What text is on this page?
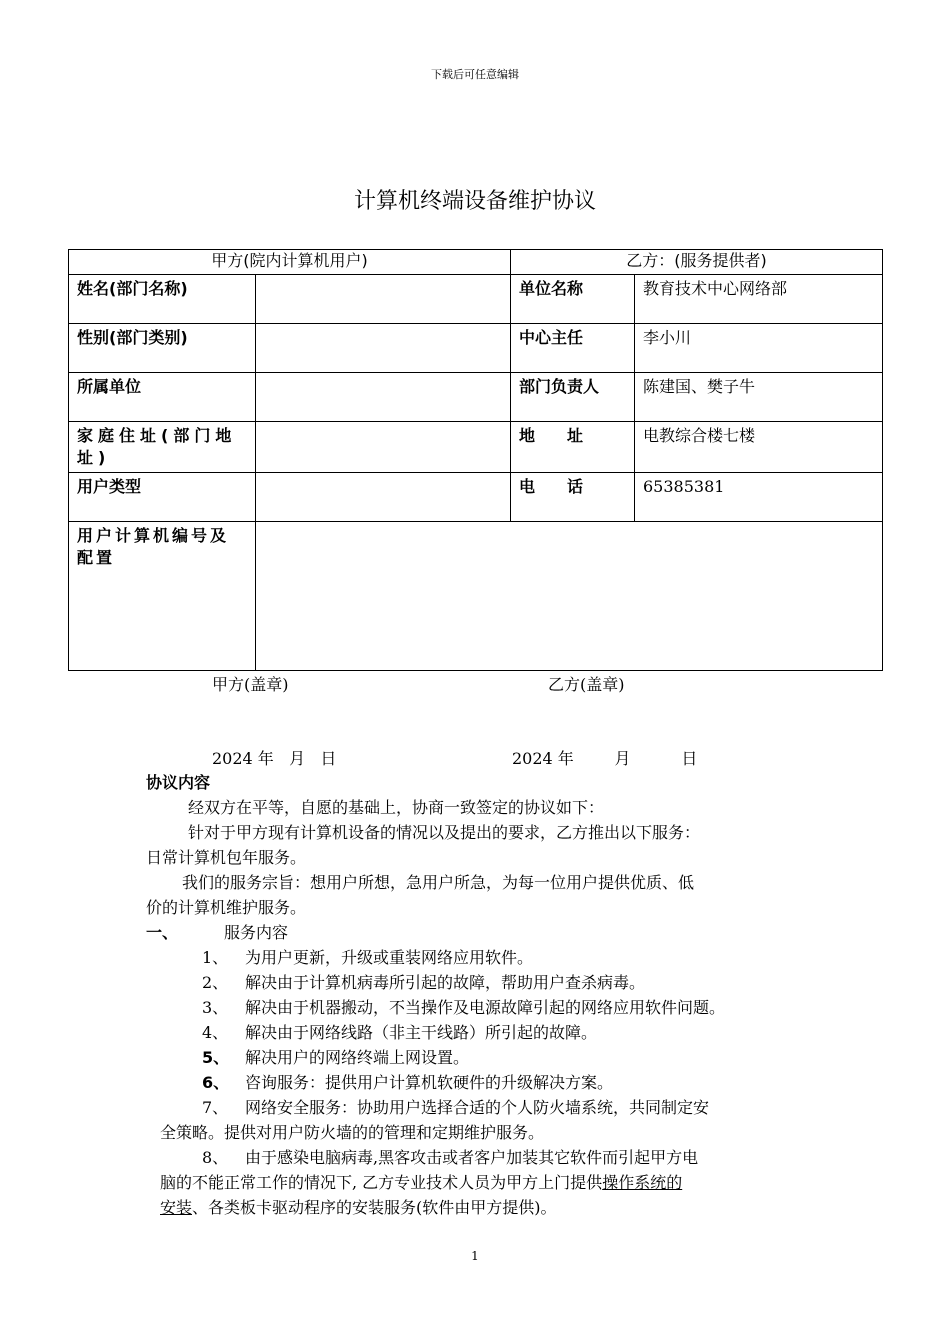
下载后可任意编辑
计算机终端设备维护协议
甲方(院内计算机用户)		乙方：(服务提供者)	
姓名(部门名称)		单位名称	教育技术中心网络部
性别(部门类别)		中心主任	李小川
所属单位		部门负责人	陈建国、樊子牛
家庭住址(部门地址)		地　　址	电教综合楼七楼
用户类型		电　　话	65385381
用户计算机编号及配置			
甲方(盖章)	乙方(盖章)
2024 年   月   日	2024 年        月          日
协议内容
经双方在平等，自愿的基础上，协商一致签定的协议如下：
针对于甲方现有计算机设备的情况以及提出的要求，乙方推出以下服务：
日常计算机包年服务。
我们的服务宗旨：想用户所想，急用户所急，为每一位用户提供优质、低
价的计算机维护服务。
一、	服务内容
1、 为用户更新，升级或重装网络应用软件。
2、 解决由于计算机病毒所引起的故障，帮助用户查杀病毒。
3、 解决由于机器搬动，不当操作及电源故障引起的网络应用软件问题。
4、 解决由于网络线路（非主干线路）所引起的故障。
5、 解决用户的网络终端上网设置。
6、 咨询服务：提供用户计算机软硬件的升级解决方案。
7、 网络安全服务：协助用户选择合适的个人防火墙系统，共同制定安
全策略。提供对用户防火墙的的管理和定期维护服务。
8、 由于感染电脑病毒,黑客攻击或者客户加装其它软件而引起甲方电
脑的不能正常工作的情况下, 乙方专业技术人员为甲方上门提供操作系统的
安装、各类板卡驱动程序的安装服务(软件由甲方提供)。
1
